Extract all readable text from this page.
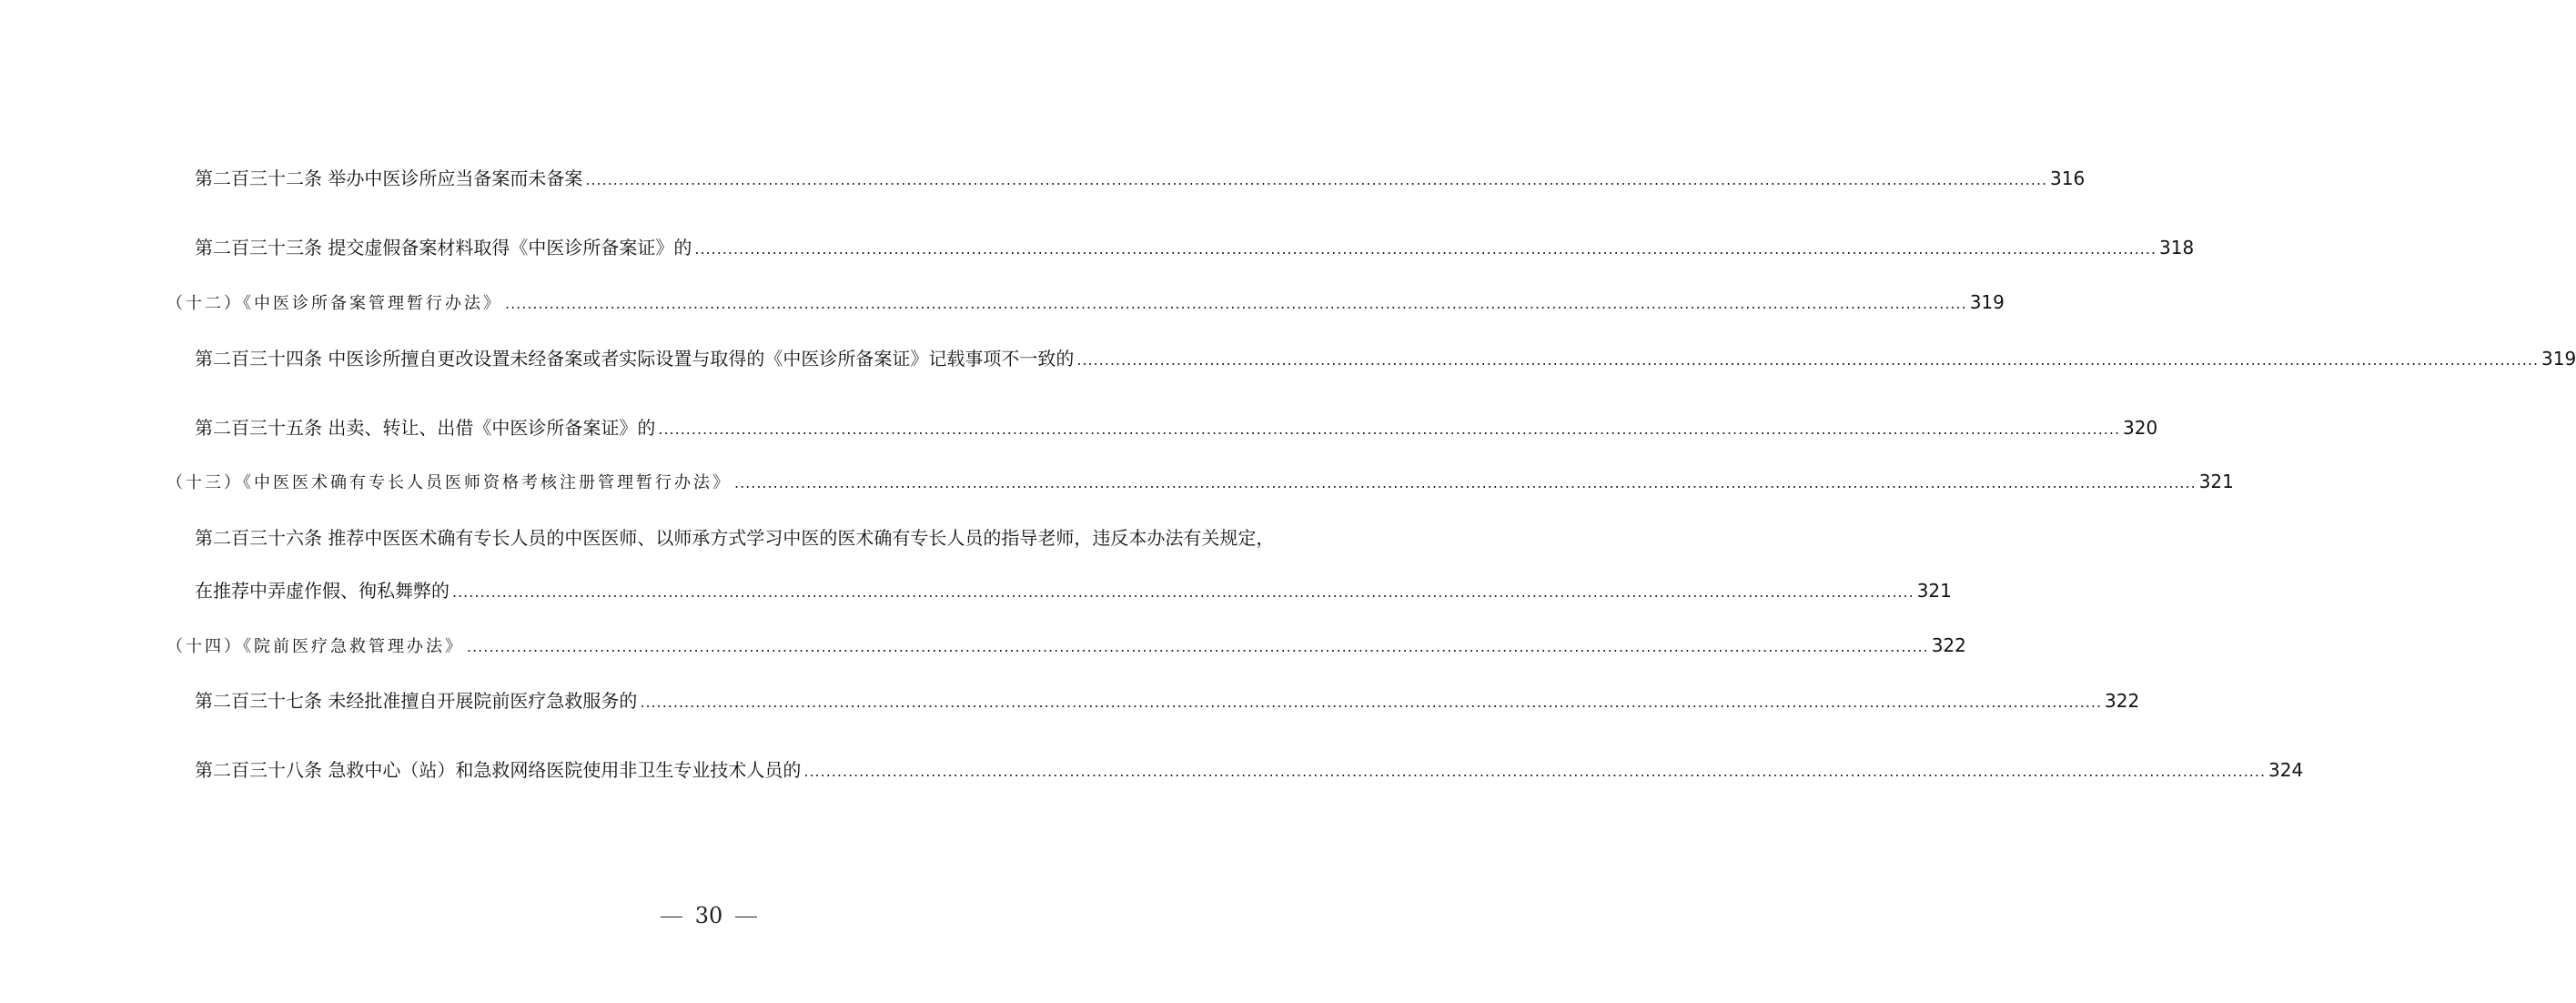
第二百三十二条 举办中医诊所应当备案而未备案 ........................................................................................................................................................................................................................................................................ 316
第二百三十三条 提交虚假备案材料取得《中医诊所备案证》的 ........................................................................................................................................................................................................................................................................ 318
（十二）《中医诊所备案管理暂行办法》 ........................................................................................................................................................................................................................................................................ 319
第二百三十四条 中医诊所擅自更改设置未经备案或者实际设置与取得的《中医诊所备案证》记载事项不一致的 ........................................................................................................................................................................................................................................................................ 319
第二百三十五条 出卖、转让、出借《中医诊所备案证》的 ........................................................................................................................................................................................................................................................................ 320
（十三）《中医医术确有专长人员医师资格考核注册管理暂行办法》 ........................................................................................................................................................................................................................................................................ 321
第二百三十六条 推荐中医医术确有专长人员的中医医师、以师承方式学习中医的医术确有专长人员的指导老师，违反本办法有关规定，
在推荐中弄虚作假、徇私舞弊的 ........................................................................................................................................................................................................................................................................ 321
（十四）《院前医疗急救管理办法》 ........................................................................................................................................................................................................................................................................ 322
第二百三十七条 未经批准擅自开展院前医疗急救服务的 ........................................................................................................................................................................................................................................................................ 322
第二百三十八条 急救中心（站）和急救网络医院使用非卫生专业技术人员的 ........................................................................................................................................................................................................................................................................ 324
30
